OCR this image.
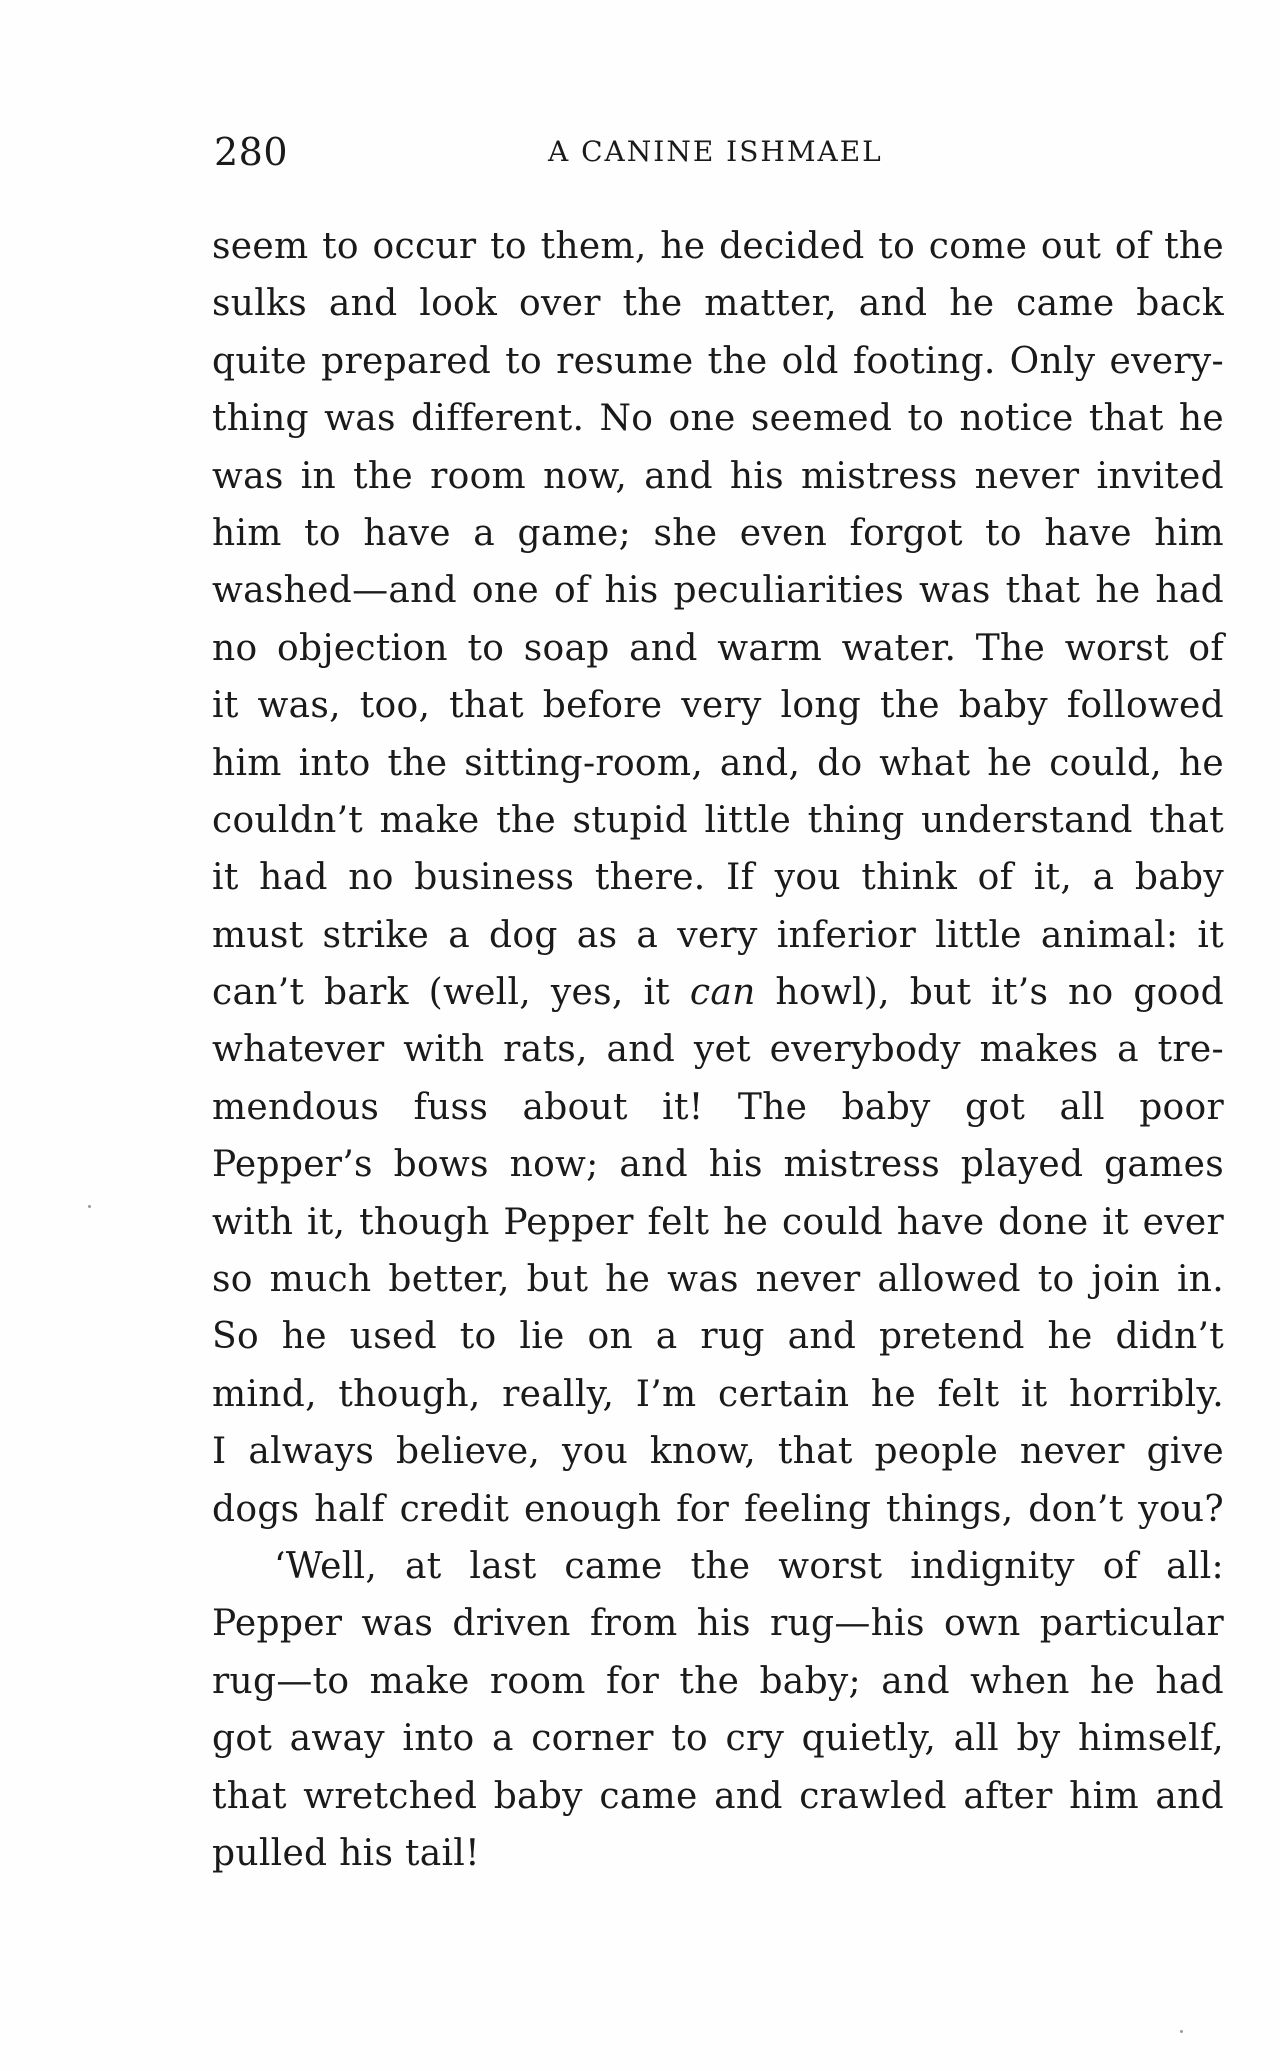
280	A CANINE ISHMAEL
seem to occur to them, he decided to come out of the
sulks and look over the matter, and he came back
quite prepared to resume the old footing. Only every-
thing was different. No one seemed to notice that he
was in the room now, and his mistress never invited
him to have a game; she even forgot to have him
washed—and one of his peculiarities was that he had
no objection to soap and warm water. The worst of
it was, too, that before very long the baby followed
him into the sitting-room, and, do what he could, he
couldn’t make the stupid little thing understand that
it had no business there. If you think of it, a baby
must strike a dog as a very inferior little animal: it
can’t bark (well, yes, it can howl), but it’s no good
whatever with rats, and yet everybody makes a tre-
mendous fuss about it! The baby got all poor
Pepper’s bows now; and his mistress played games
with it, though Pepper felt he could have done it ever
so much better, but he was never allowed to join in.
So he used to lie on a rug and pretend he didn’t
mind, though, really, I’m certain he felt it horribly.
I always believe, you know, that people never give
dogs half credit enough for feeling things, don’t you?
‘Well, at last came the worst indignity of all:
Pepper was driven from his rug—his own particular
rug—to make room for the baby; and when he had
got away into a corner to cry quietly, all by himself,
that wretched baby came and crawled after him and
pulled his tail!
